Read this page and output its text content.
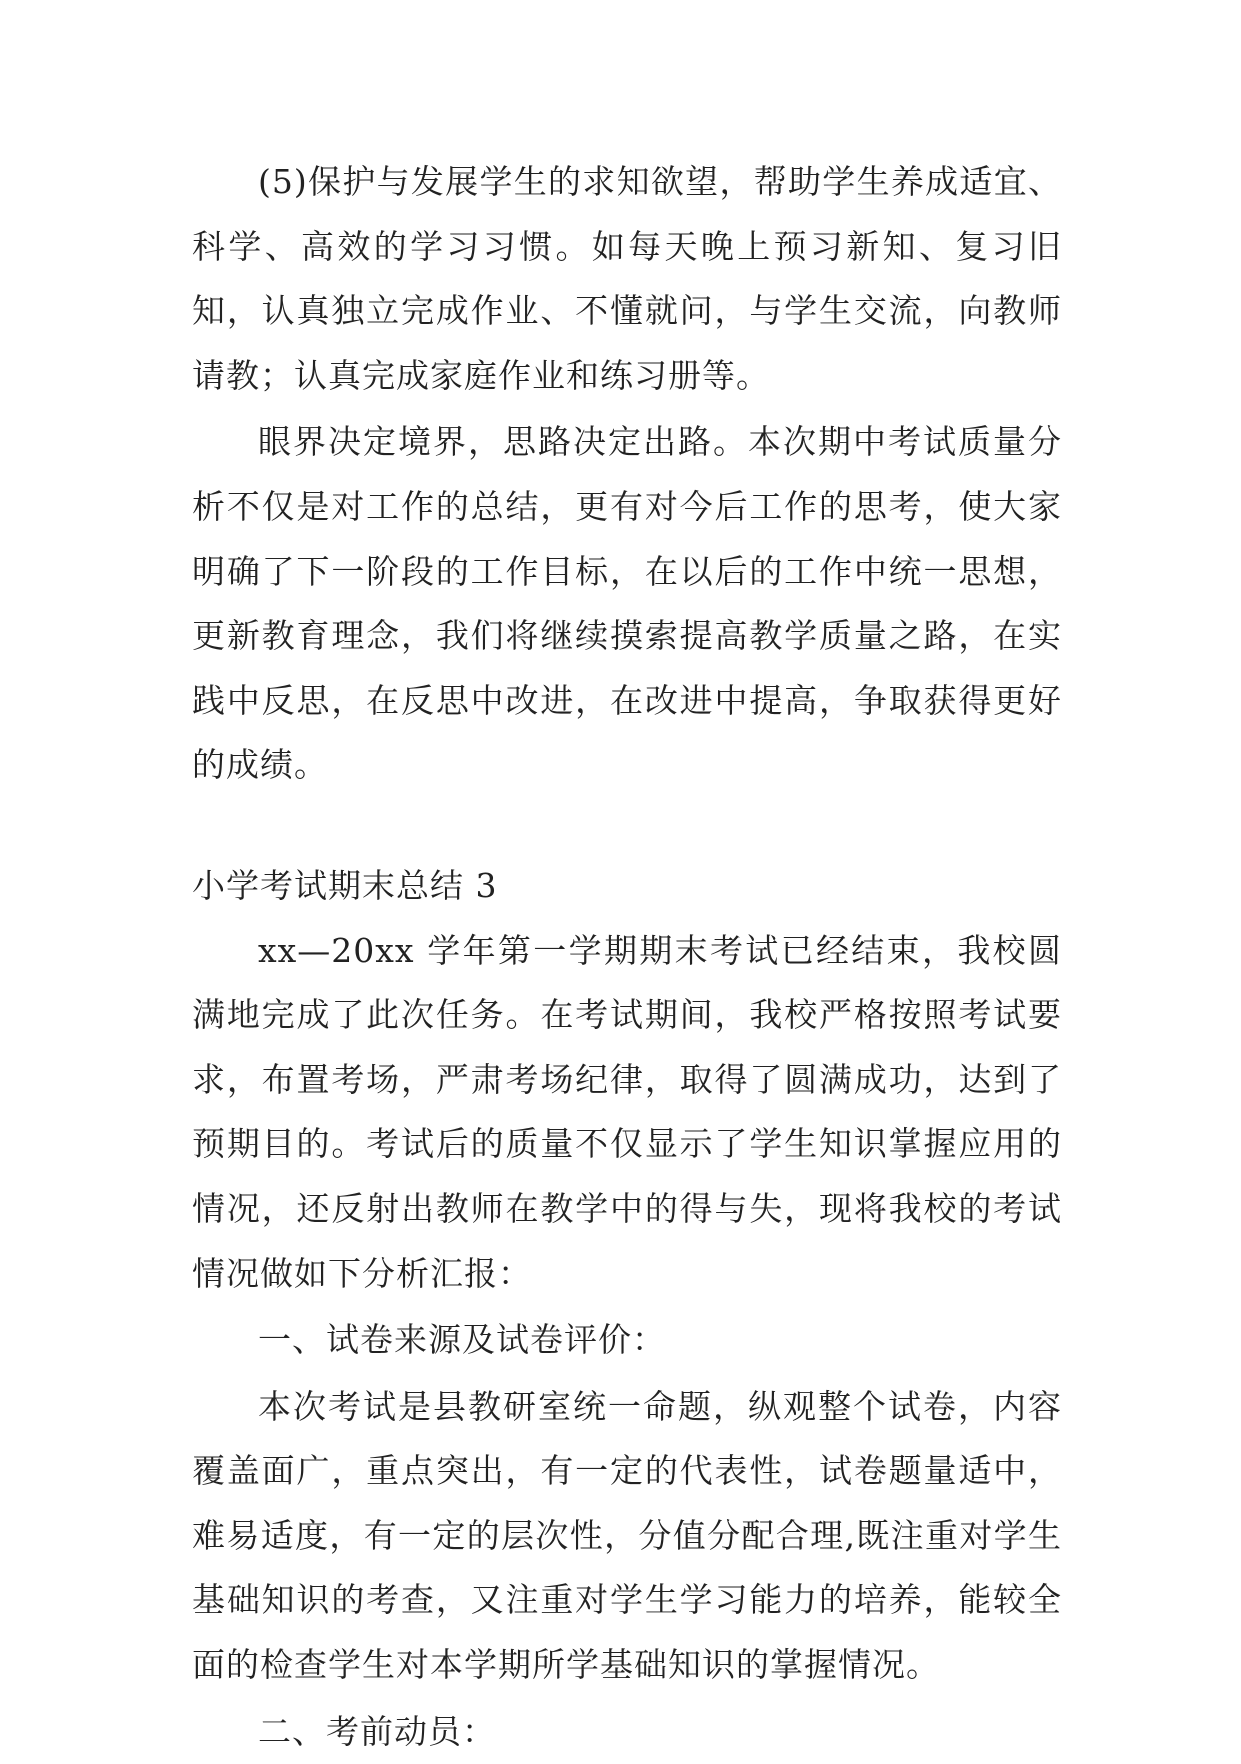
(5)保护与发展学生的求知欲望，帮助学生养成适宜、科学、高效的学习习惯。如每天晚上预习新知、复习旧知，认真独立完成作业、不懂就问，与学生交流，向教师请教；认真完成家庭作业和练习册等。

眼界决定境界，思路决定出路。本次期中考试质量分析不仅是对工作的总结，更有对今后工作的思考，使大家明确了下一阶段的工作目标，在以后的工作中统一思想，更新教育理念，我们将继续摸索提高教学质量之路，在实践中反思，在反思中改进，在改进中提高，争取获得更好的成绩。

小学考试期末总结 3

xx—20xx 学年第一学期期末考试已经结束，我校圆满地完成了此次任务。在考试期间，我校严格按照考试要求，布置考场，严肃考场纪律，取得了圆满成功，达到了预期目的。考试后的质量不仅显示了学生知识掌握应用的情况，还反射出教师在教学中的得与失，现将我校的考试情况做如下分析汇报：

一、试卷来源及试卷评价：

本次考试是县教研室统一命题，纵观整个试卷，内容覆盖面广，重点突出，有一定的代表性，试卷题量适中，难易适度，有一定的层次性，分值分配合理,既注重对学生基础知识的考查，又注重对学生学习能力的培养，能较全面的检查学生对本学期所学基础知识的掌握情况。

二、考前动员：
